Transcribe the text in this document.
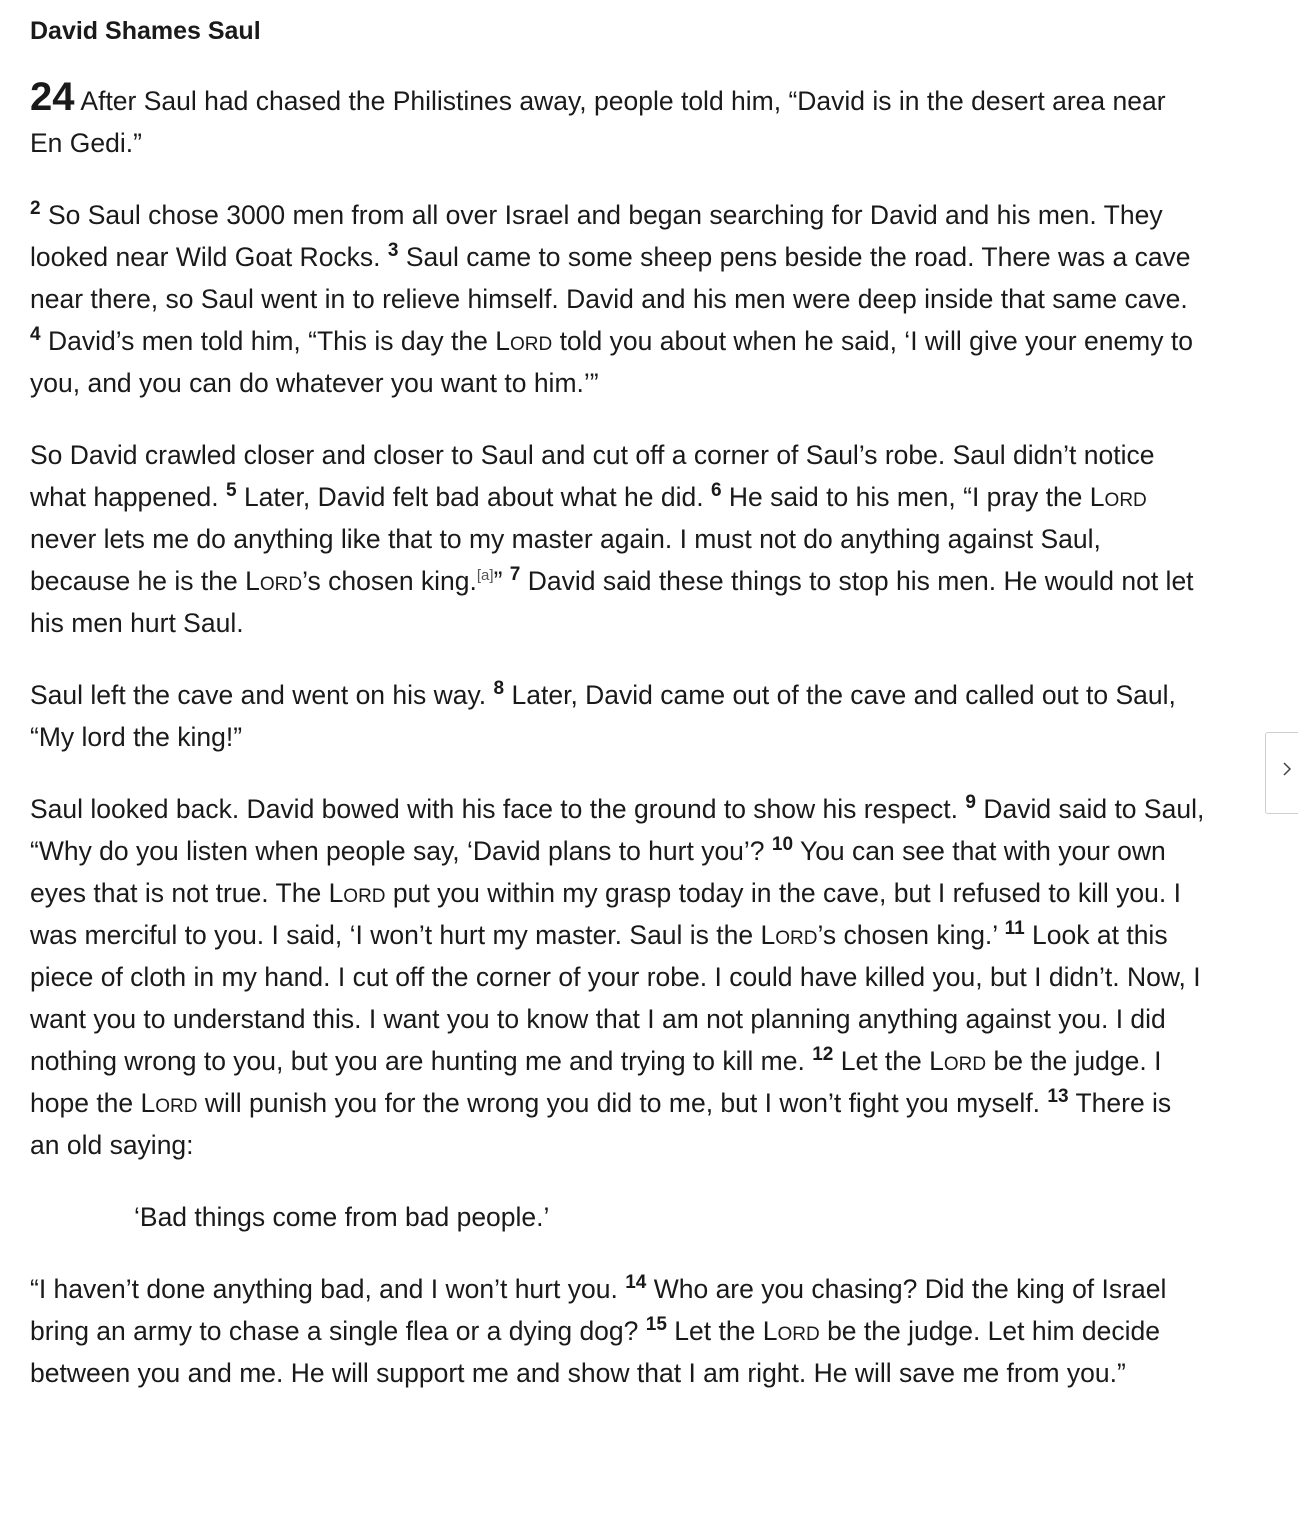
David Shames Saul

24 After Saul had chased the Philistines away, people told him, “David is in the desert area near En Gedi.”

$^2$ So Saul chose 3000 men from all over Israel and began searching for David and his men. They looked near Wild Goat Rocks. $^3$ Saul came to some sheep pens beside the road. There was a cave near there, so Saul went in to relieve himself. David and his men were deep inside that same cave. $^4$ David’s men told him, “This is day the Lord told you about when he said, ‘I will give your enemy to you, and you can do whatever you want to him.’”

So David crawled closer and closer to Saul and cut off a corner of Saul’s robe. Saul didn’t notice what happened. $^5$ Later, David felt bad about what he did. $^6$ He said to his men, “I pray the Lord never lets me do anything like that to my master again. I must not do anything against Saul, because he is the Lord’s chosen king.[a]” $^7$ David said these things to stop his men. He would not let his men hurt Saul.

Saul left the cave and went on his way. $^8$ Later, David came out of the cave and called out to Saul, “My lord the king!”

Saul looked back. David bowed with his face to the ground to show his respect. $^9$ David said to Saul, “Why do you listen when people say, ‘David plans to hurt you’? $^{10}$ You can see that with your own eyes that is not true. The Lord put you within my grasp today in the cave, but I refused to kill you. I was merciful to you. I said, ‘I won’t hurt my master. Saul is the Lord’s chosen king.’ $^{11}$ Look at this piece of cloth in my hand. I cut off the corner of your robe. I could have killed you, but I didn’t. Now, I want you to understand this. I want you to know that I am not planning anything against you. I did nothing wrong to you, but you are hunting me and trying to kill me. $^{12}$ Let the Lord be the judge. I hope the Lord will punish you for the wrong you did to me, but I won’t fight you myself. $^{13}$ There is an old saying:

‘Bad things come from bad people.’

“I haven’t done anything bad, and I won’t hurt you. $^{14}$ Who are you chasing? Did the king of Israel bring an army to chase a single flea or a dying dog? $^{15}$ Let the Lord be the judge. Let him decide between you and me. He will support me and show that I am right. He will save me from you.”
